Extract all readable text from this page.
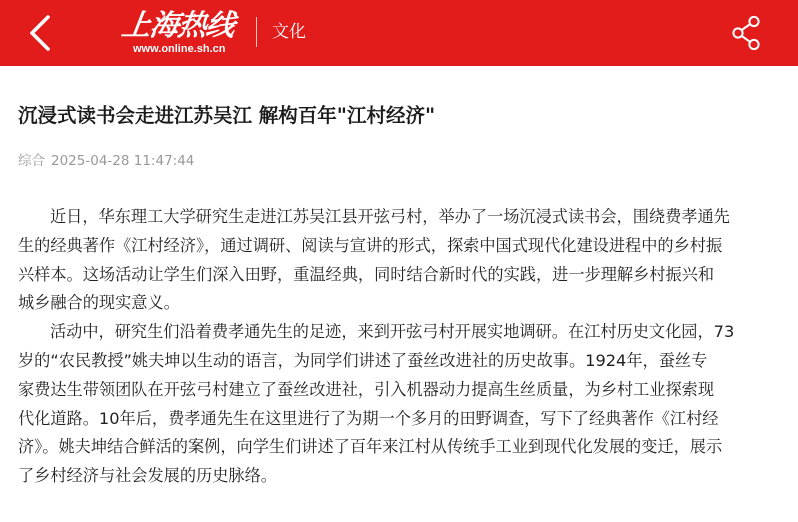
上海热线
www.online.sh.cn
文化
沉浸式读书会走进江苏吴江 解构百年"江村经济"
综合 2025-04-28 11:47:44

近日，华东理工大学研究生走进江苏吴江县开弦弓村，举办了一场沉浸式读书会，围绕费孝通先
生的经典著作《江村经济》，通过调研、阅读与宣讲的形式，探索中国式现代化建设进程中的乡村振
兴样本。这场活动让学生们深入田野，重温经典，同时结合新时代的实践，进一步理解乡村振兴和
城乡融合的现实意义。

活动中，研究生们沿着费孝通先生的足迹，来到开弦弓村开展实地调研。在江村历史文化园，73
岁的“农民教授”姚夫坤以生动的语言，为同学们讲述了蚕丝改进社的历史故事。1924年，蚕丝专
家费达生带领团队在开弦弓村建立了蚕丝改进社，引入机器动力提高生丝质量，为乡村工业探索现
代化道路。10年后，费孝通先生在这里进行了为期一个多月的田野调查，写下了经典著作《江村经
济》。姚夫坤结合鲜活的案例，向学生们讲述了百年来江村从传统手工业到现代化发展的变迁，展示
了乡村经济与社会发展的历史脉络。
